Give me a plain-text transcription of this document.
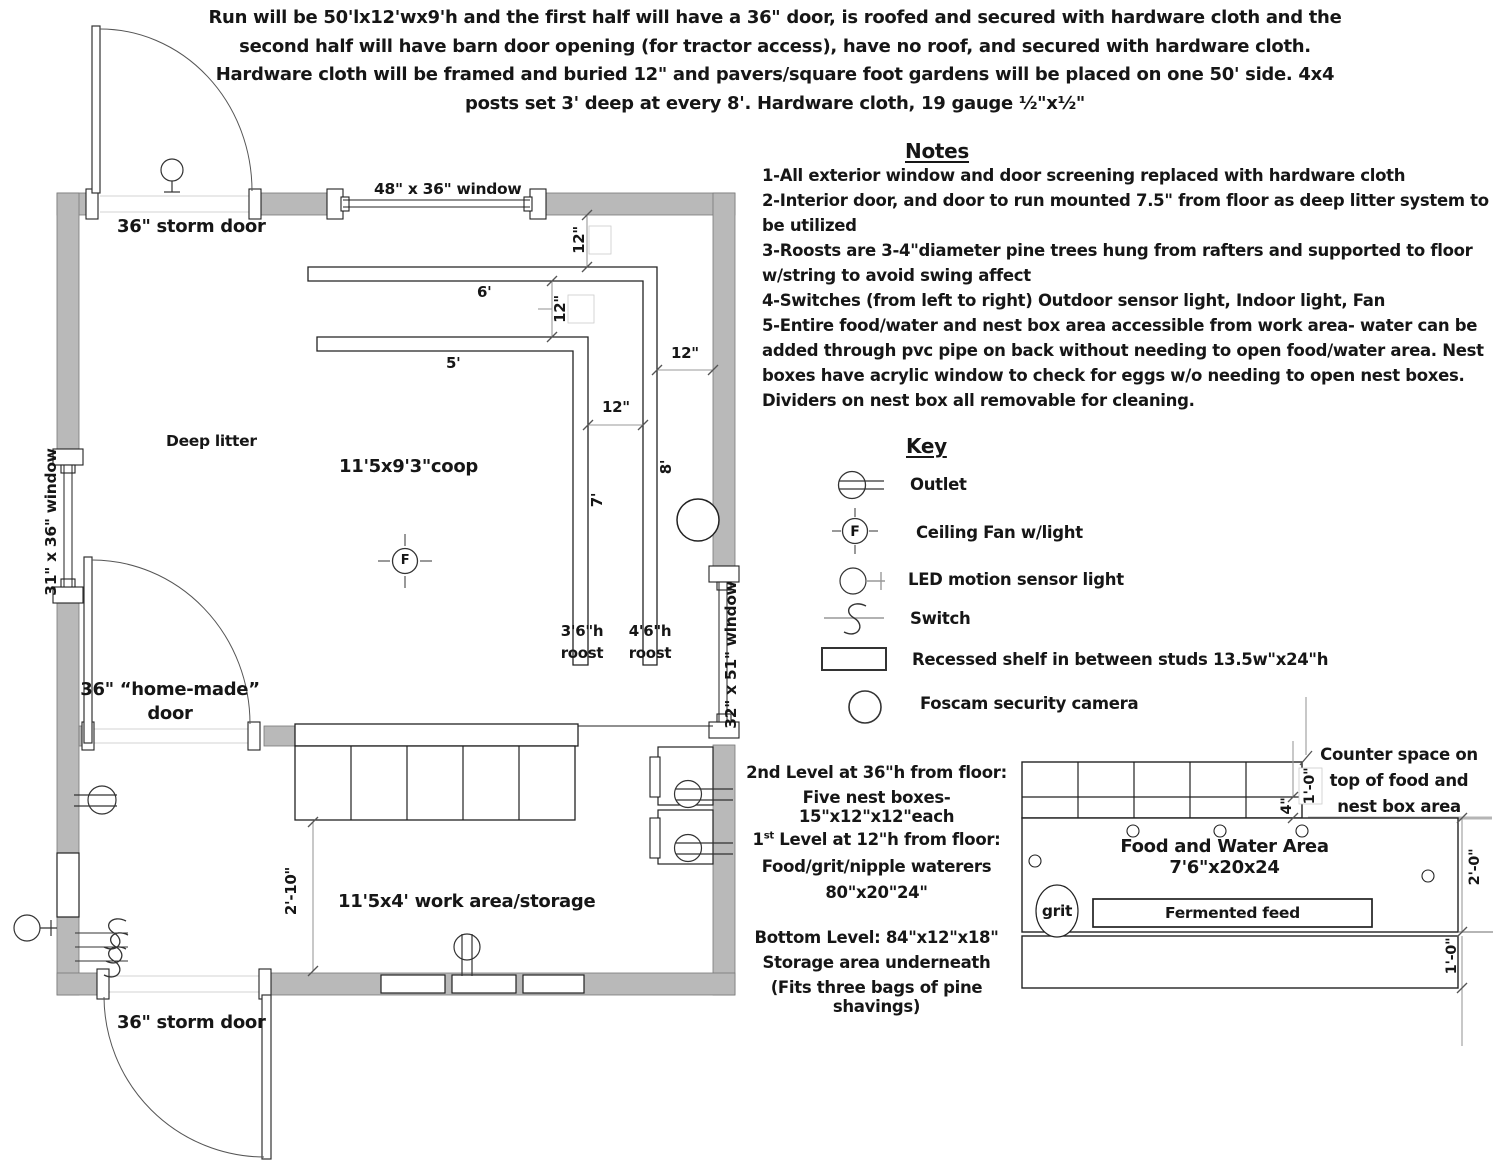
Run will be 50'lx12'wx9'h and the first half will have a 36" door, is roofed and secured with hardware cloth and the second half will have barn door opening (for tractor access), have no roof, and secured with hardware cloth. Hardware cloth will be framed and buried 12" and pavers/square foot gardens will be placed on one 50' side. 4x4 posts set 3' deep at every 8'. Hardware cloth, 19 gauge ½"x½"
Notes

1-All exterior window and door screening replaced with hardware cloth

2-Interior door, and door to run mounted 7.5" from floor as deep litter system to be utilized

3-Roosts are 3-4"diameter pine trees hung from rafters and supported to floor w/string to avoid swing affect

4-Switches (from left to right) Outdoor sensor light, Indoor light, Fan

5-Entire food/water and nest box area accessible from work area- water can be added through pvc pipe on back without needing to open food/water area. Nest boxes have acrylic window to check for eggs w/o needing to open nest boxes. Dividers on nest box all removable for cleaning.

Key
Outlet
F	Ceiling Fan w/light
LED motion sensor light
Switch
Recessed shelf in between studs 13.5w"x24"h
Foscam security camera
36" storm door
48" x 36" window
31" x 36" window
32" x 51" window
Deep litter
11'5x9'3"coop
36" “home-made”
door
36" storm door
11'5x4' work area/storage
3'6"h
roost
4'6"h
roost
F
12"
12"
12"
12"
6'
5'
7'
8'
2'-10"
2nd Level at 36"h from floor:
Five nest boxes-15"x12"x12"each
1st Level at 12"h from floor:
Food/grit/nipple waterers
80"x20"24"
Bottom Level: 84"x12"x18"
Storage area underneath
(Fits three bags of pine shavings)
Counter space on
top of food and
nest box area
Food and Water Area 7'6"x20x24
Fermented feed
grit
1'-0"
4"
2'-0"
1'-0"
